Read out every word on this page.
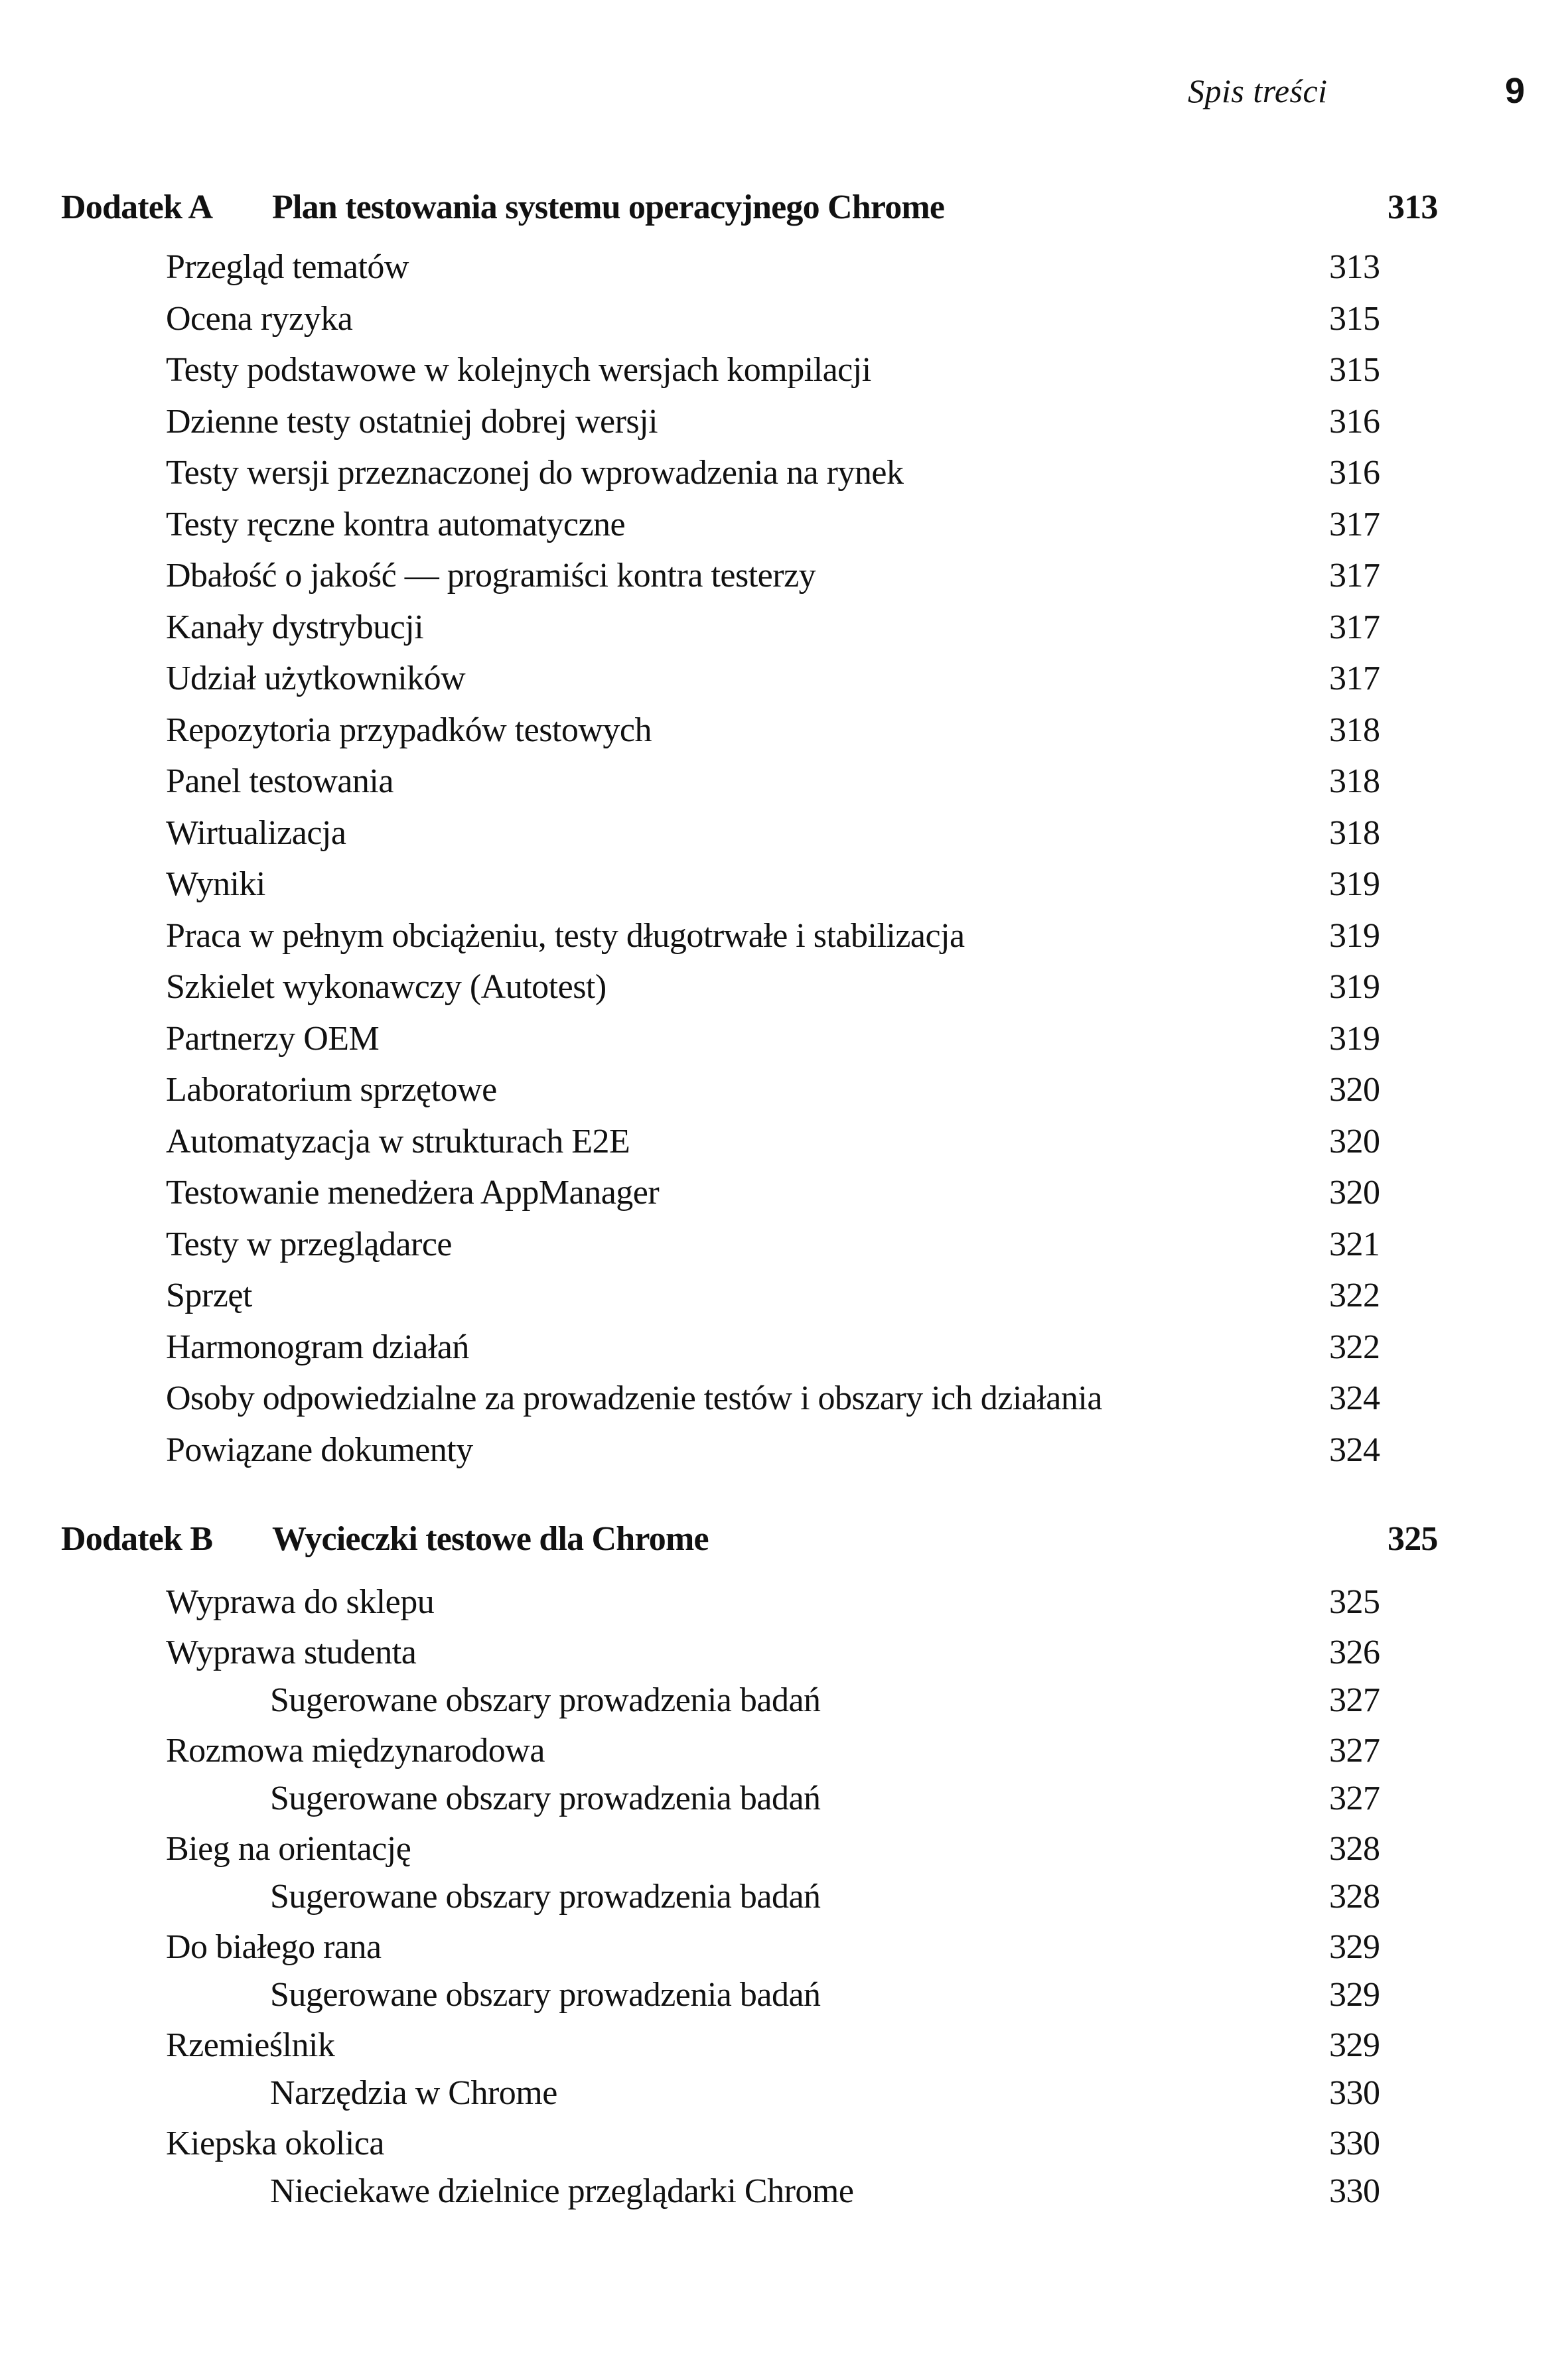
Spis treści	9
Dodatek A Plan testowania systemu operacyjnego Chrome	313
Przegląd tematów	313
Ocena ryzyka	315
Testy podstawowe w kolejnych wersjach kompilacji	315
Dzienne testy ostatniej dobrej wersji	316
Testy wersji przeznaczonej do wprowadzenia na rynek	316
Testy ręczne kontra automatyczne	317
Dbałość o jakość — programiści kontra testerzy	317
Kanały dystrybucji	317
Udział użytkowników	317
Repozytoria przypadków testowych	318
Panel testowania	318
Wirtualizacja	318
Wyniki	319
Praca w pełnym obciążeniu, testy długotrwałe i stabilizacja	319
Szkielet wykonawczy (Autotest)	319
Partnerzy OEM	319
Laboratorium sprzętowe	320
Automatyzacja w strukturach E2E	320
Testowanie menedżera AppManager	320
Testy w przeglądarce	321
Sprzęt	322
Harmonogram działań	322
Osoby odpowiedzialne za prowadzenie testów i obszary ich działania	324
Powiązane dokumenty	324
Dodatek B Wycieczki testowe dla Chrome	325
Wyprawa do sklepu	325
Wyprawa studenta	326
Sugerowane obszary prowadzenia badań	327
Rozmowa międzynarodowa	327
Sugerowane obszary prowadzenia badań	327
Bieg na orientację	328
Sugerowane obszary prowadzenia badań	328
Do białego rana	329
Sugerowane obszary prowadzenia badań	329
Rzemieślnik	329
Narzędzia w Chrome	330
Kiepska okolica	330
Nieciekawe dzielnice przeglądarki Chrome	330
